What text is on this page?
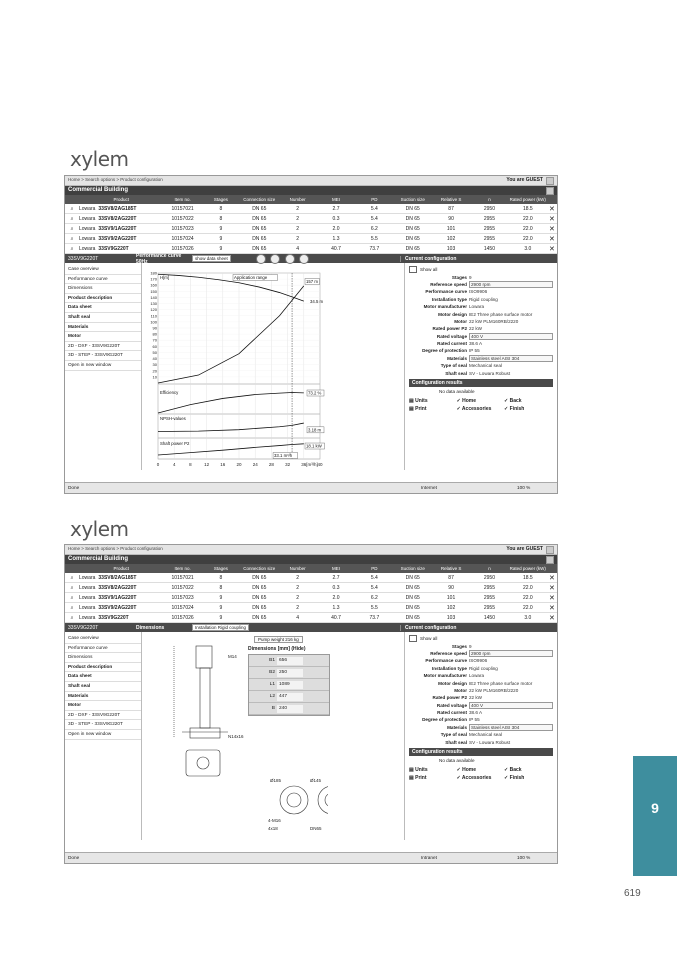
xylem
xylem
Home > Search options > Product configuration	You are GUEST
Commercial Building
Product	Item no.	Stages	Connection size	Number	MEI	PD	Suction size	Relative S	n	Rated power (kW)
⌕	Lowara 33SV8/2AG185T	10157021	8	DN 65	2	2.7	5.4	DN 65	87	2950	18.5	✕
⌕	Lowara 33SV8/2AG220T	10157022	8	DN 65	2	0.3	5.4	DN 65	90	2955	22.0	✕
⌕	Lowara 33SV9/1AG220T	10157023	9	DN 65	2	2.0	6.2	DN 65	101	2955	22.0	✕
⌕	Lowara 33SV9/2AG220T	10157024	9	DN 65	2	1.3	5.5	DN 65	102	2955	22.0	✕
⌕	Lowara 33SV9G220T	10157026	9	DN 65	4	40.7	73.7	DN 65	103	1450	3.0	✕
33SV9G220T	Performance curve 50Hz
show data sheet
	Current configuration
Case overview
Performance curve
Dimensions
Product description
Data sheet
Shaft seal
Materials
Motor
2D - DXF - 33SV9G220T
3D - STEP - 33SV9G220T
Open in new window
0	4	8	12 16 20 24 28 32 36 40
180
170
160
150
140
130
120
110
100
90
80
70
60
50
40
30
20
10
[m³/h]
H[m]	Application range
Efficiency
NPSH-values
Shaft power P2
157 m
34.5 m
73.2 %
3.18 m
18.1 kW
33.1 m³/h
Show all
Stages 9
Reference speed 2900 rpm
Performance curve ISO9906
Installation type Rigid coupling
Motor manufacturer Lowara
Motor design IE2 Three phase surface motor
Motor 22 kW PLM160RB/2220
Rated power P2 22 kW
Rated voltage 400 V
Rated current 38.6 A
Degree of protection IP 55
Materials Stainless steel AISI 304
Type of seal Mechanical seal
Shaft seal SV - Lowara Robust
Configuration results
No data available
▤ Units	✓ Home	✓ Back
▤ Print	✓ Accessories	✓ Finish
Done	Internet	100 %
Home > Search options > Product configuration	You are GUEST
Commercial Building
Product	Item no.	Stages	Connection size	Number	MEI	PD	Suction size	Relative S	n	Rated power (kW)
⌕	Lowara 33SV8/2AG185T	10157021	8	DN 65	2	2.7	5.4	DN 65	87	2950	18.5	✕
⌕	Lowara 33SV8/2AG220T	10157022	8	DN 65	2	0.3	5.4	DN 65	90	2955	22.0	✕
⌕	Lowara 33SV9/1AG220T	10157023	9	DN 65	2	2.0	6.2	DN 65	101	2955	22.0	✕
⌕	Lowara 33SV9/2AG220T	10157024	9	DN 65	2	1.3	5.5	DN 65	102	2955	22.0	✕
⌕	Lowara 33SV9G220T	10157026	9	DN 65	4	40.7	73.7	DN 65	103	1450	3.0	✕
33SV9G220T	Dimensions	Installation Rigid coupling	Current configuration
Case overview
Performance curve
Dimensions
Product description
Data sheet
Shaft seal
Materials
Motor
2D - DXF - 33SV9G220T
3D - STEP - 33SV9G220T
Open in new window
M14
N14x16
4-M16
4x18
Ø185	Ø145
DN65
Pump weight 216 kg
Dimensions [mm] (Hide)
B1 656
B2 250
L1 1089
L2 447
B 240
Show all
Stages 9
Reference speed 2900 rpm
Performance curve ISO9906
Installation type Rigid coupling
Motor manufacturer Lowara
Motor design IE2 Three phase surface motor
Motor 22 kW PLM160RB/2220
Rated power P2 22 kW
Rated voltage 400 V
Rated current 38.6 A
Degree of protection IP 55
Materials Stainless steel AISI 304
Type of seal Mechanical seal
Shaft seal SV - Lowara Robust
Configuration results
No data available
▤ Units	✓ Home	✓ Back
▤ Print	✓ Accessories	✓ Finish
Done	Intranet	100 %
9
619
